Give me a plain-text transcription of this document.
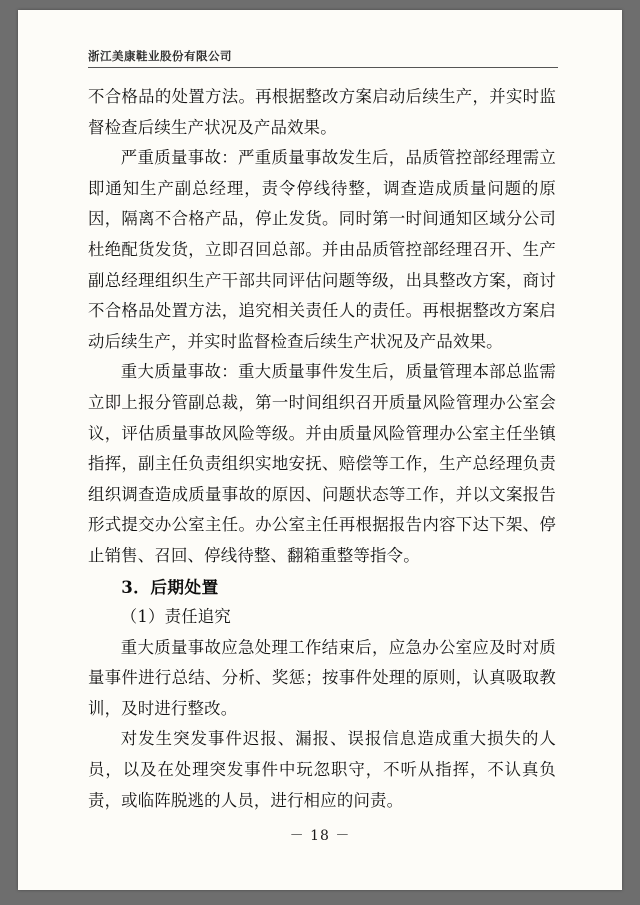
浙江美康鞋业股份有限公司

不合格品的处置方法。再根据整改方案启动后续生产，并实时监督检查后续生产状况及产品效果。

严重质量事故：严重质量事故发生后，品质管控部经理需立即通知生产副总经理，责令停线待整，调查造成质量问题的原因，隔离不合格产品，停止发货。同时第一时间通知区域分公司杜绝配货发货，立即召回总部。并由品质管控部经理召开、生产副总经理组织生产干部共同评估问题等级，出具整改方案，商讨不合格品处置方法，追究相关责任人的责任。再根据整改方案启动后续生产，并实时监督检查后续生产状况及产品效果。

重大质量事故：重大质量事件发生后，质量管理本部总监需立即上报分管副总裁，第一时间组织召开质量风险管理办公室会议，评估质量事故风险等级。并由质量风险管理办公室主任坐镇指挥，副主任负责组织实地安抚、赔偿等工作，生产总经理负责组织调查造成质量事故的原因、问题状态等工作，并以文案报告形式提交办公室主任。办公室主任再根据报告内容下达下架、停止销售、召回、停线待整、翻箱重整等指令。

3．后期处置

（1）责任追究

重大质量事故应急处理工作结束后，应急办公室应及时对质量事件进行总结、分析、奖惩；按事件处理的原则，认真吸取教训，及时进行整改。

对发生突发事件迟报、漏报、误报信息造成重大损失的人员，以及在处理突发事件中玩忽职守，不听从指挥，不认真负责，或临阵脱逃的人员，进行相应的问责。

－ 18 －
